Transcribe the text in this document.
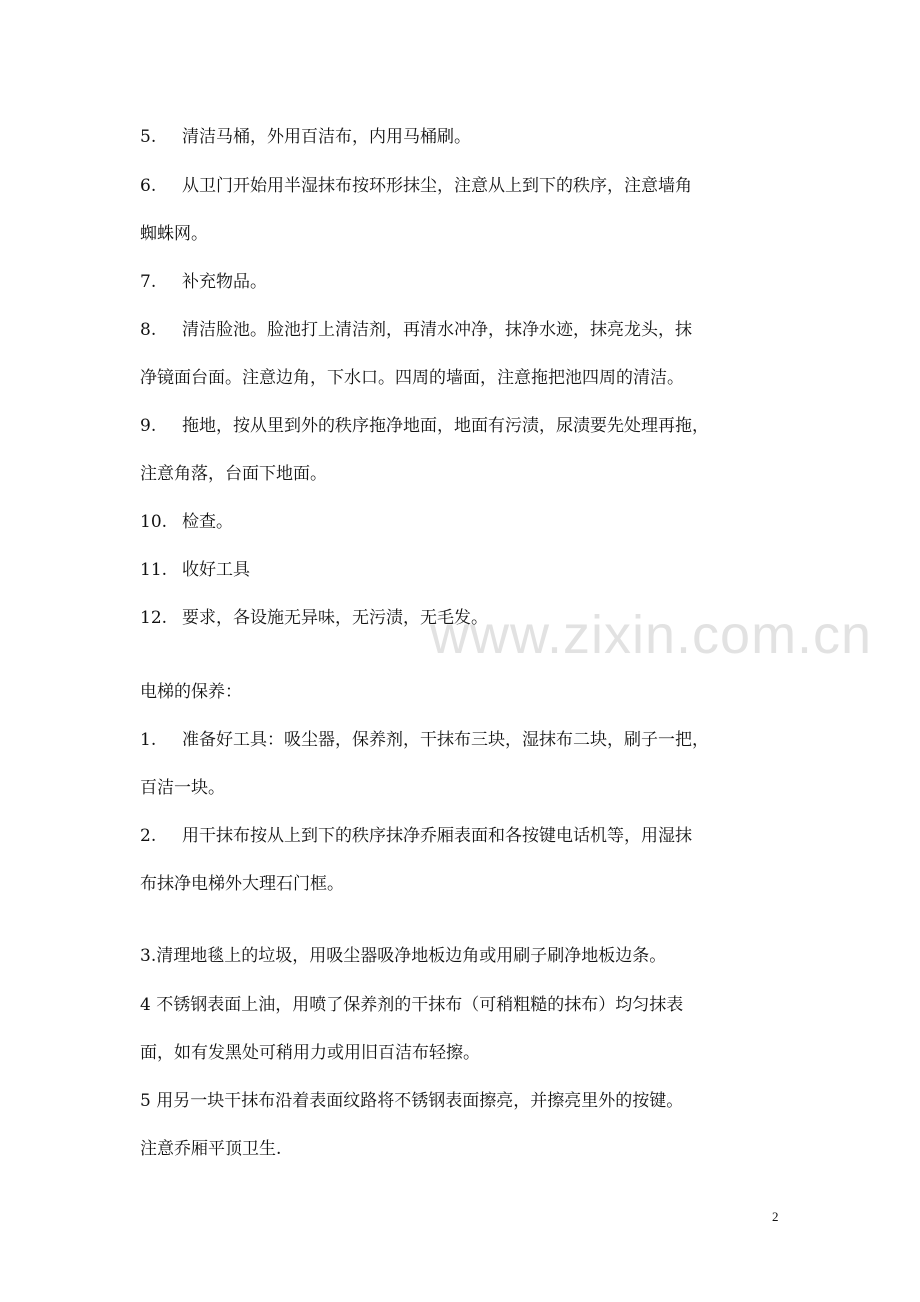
5. 清洁马桶，外用百洁布，内用马桶刷。
6. 从卫门开始用半湿抹布按环形抹尘，注意从上到下的秩序，注意墙角
蜘蛛网。
7. 补充物品。
8. 清洁脸池。脸池打上清洁剂，再清水冲净，抹净水迹，抹亮龙头，抹
净镜面台面。注意边角，下水口。四周的墙面，注意拖把池四周的清洁。
9. 拖地，按从里到外的秩序拖净地面，地面有污渍，尿渍要先处理再拖，
注意角落，台面下地面。
10. 检查。
11. 收好工具
12. 要求，各设施无异味，无污渍，无毛发。
www.zixin.com.cn
电梯的保养：
1. 准备好工具：吸尘器，保养剂，干抹布三块，湿抹布二块，刷子一把，
百洁一块。
2. 用干抹布按从上到下的秩序抹净乔厢表面和各按键电话机等，用湿抹
布抹净电梯外大理石门框。
3.清理地毯上的垃圾，用吸尘器吸净地板边角或用刷子刷净地板边条。
4 不锈钢表面上油，用喷了保养剂的干抹布（可稍粗糙的抹布）均匀抹表
面，如有发黑处可稍用力或用旧百洁布轻擦。
5 用另一块干抹布沿着表面纹路将不锈钢表面擦亮，并擦亮里外的按键。
注意乔厢平顶卫生.
2
